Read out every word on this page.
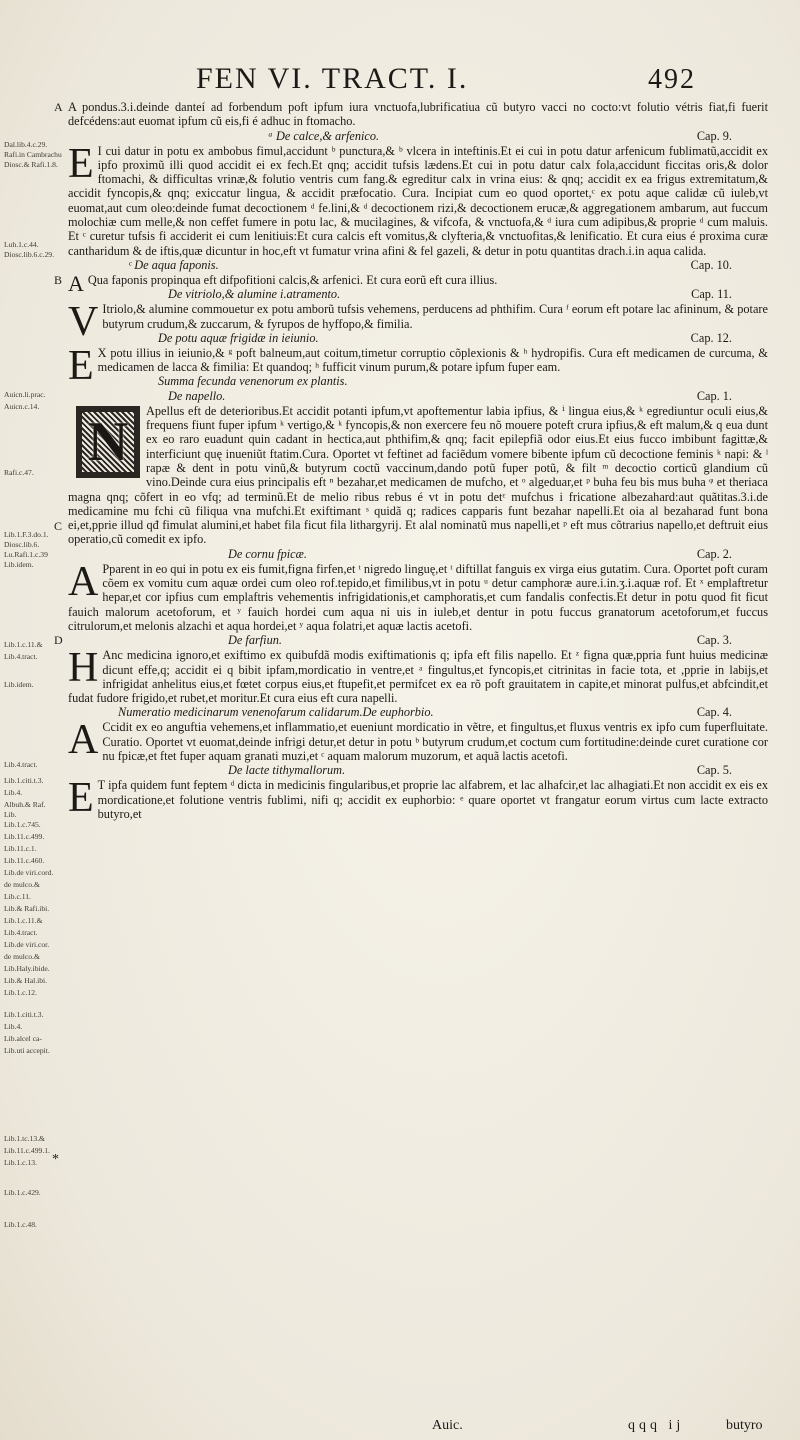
FEN VI. TRACT. I.	492
Dal.lib.4.c.29.
Rafi.in Cambrachu
Diosc.& Rafi.1.8.
Luh.1.c.44.
Diosc.lib.6.c.29.
Auicn.li.prac.
Auicn.c.14.
Rafi.c.47.
Lib.1.F.3.do.1.
Diosc.lib.6.
Lu.Rafi.1.c.39
Lib.idem.
Lib.1.c.11.&
Lib.4.tract.
Lib.idem.
Lib.4.tract.
Lib.1.citi.t.3.
Lib.4.
Albuh.& Raf.
Lib.
Lib.1.c.745.
Lib.11.c.499.
Lib.11.c.1.
Lib.11.c.460.
Lib.de viri.cord.
de mulco.&
Lib.c.11.
Lib.& Rafi.ibi.
Lib.1.c.11.&
Lib.4.tract.
Lib.de viri.cor.
de mulco.&
Lib.Haly.ibide.
Lib.& Hal.ibi.
Lib.1.c.12.
Lib.1.citi.t.3.
Lib.4.
Lib.alcel ca-
Lib.uti accepit.
Lib.1.tc.13.&
Lib.11.c.499.1.
Lib.1.c.13.
Lib.1.c.429.
Lib.1.c.48.
*

A A pondus.3.i.deinde danteí ad forbendum poft ipfum iura vnctuofa,lubrificatiua cũ butyro vacci no cocto:vt folutio vétris fiat,fi fuerit defcédens:aut euomat ipfum cũ eis,fi é adhuc in ftomacho.

ᵃ De calce,& arfenico.	Cap. 9.

E I cui datur in potu ex ambobus fimul,accidunt ᵇ punctura,& ᵇ vlcera in inteftinis.Et ei cui in potu datur arfenicum fublimatũ,accidit ex ipfo proximũ illi quod accidit ei ex fech.Et qnq; accidit tufsis lædens.Et cui in potu datur calx fola,accidunt ficcitas oris,& dolor ftomachi, & difficultas vrinæ,& folutio ventris cum fang.& egreditur calx in vrina eius: & qnq; accidit ex ea frigus extremitatum,& accidit fyncopis,& qnq; exiccatur lingua, & accidit præfocatio. Cura. Incipiat cum eo quod oportet,ᶜ ex potu aque calidæ cũ iuleb,vt euomat,aut cum oleo:deinde fumat decoctionem ᵈ fe.lini,& ᵈ decoctionem rizi,& decoctionem erucæ,& aggregationem ambarum, aut fuccum molochiæ cum melle,& non ceffet fumere in potu lac, & mucilagines, & vifcofa, & vnctuofa,& ᵈ iura cum adipibus,& proprie ᵈ cum maluis. Et ᶜ curetur tufsis fi acciderit ei cum lenitiuis:Et cura calcis eft vomitus,& clyfteria,& vnctuofitas,& lenificatio. Et cura eius é proxima curæ cantharidum & de iftis,quæ dicuntur in hoc,eft vt fumatur vrina afini & fel gazeli, & detur in potu quantitas drach.i.in aqua calida.

ᶜ De aqua faponis.	Cap. 10.

B A Qua faponis propinqua eft difpofitioni calcis,& arfenici. Et cura eorũ eft cura illius.

De vitriolo,& alumine i.atramento.	Cap. 11.

V Itriolo,& alumine commouetur ex potu amborũ tufsis vehemens, perducens ad phthifim. Cura ᶠ eorum eft potare lac afininum, & potare butyrum crudum,& zuccarum, & fyrupos de hyffopo,& fimilia.

De potu aquæ frigidæ in ieiunio.	Cap. 12.

E X potu illius in ieiunio,& ᵍ poft balneum,aut coitum,timetur corruptio cõplexionis & ʰ hydropifis. Cura eft medicamen de curcuma, & medicamen de lacca & fimilia: Et quandoq; ʰ fufficit vinum purum,& potare ipfum fuper eam.

Summa fecunda venenorum ex plantis.

De napello.	Cap. 1.

C
N	Apellus eft de deterioribus.Et accidit potanti ipfum,vt apoftementur labia ipfius, & ⁱ lingua eius,& ᵏ egrediuntur oculi eius,& frequens fiunt fuper ipfum ᵏ vertigo,& ᵏ fyncopis,& non exercere feu nõ mouere poteft crura ipfius,& eft malum,& q eua dunt ex eo raro euadunt quin cadant in hectica,aut phthifim,& qnq; facit epilepfiã odor eius.Et eius fucco imbibunt fagittæ,& interficiunt quę inueniũt ftatim.Cura. Oportet vt feftinet ad faciẽdum vomere bibente ipfum cũ decoctione feminis ᵏ napi: & ˡ rapæ & dent in potu vinũ,& butyrum coctũ vaccinum,dando potũ fuper potũ, & filt ᵐ decoctio corticũ glandium cũ vino.Deinde cura eius principalis eft ⁿ bezahar,et medicamen de mufcho, et ᵒ algeduar,et ᵖ buha feu bis mus buha ᵠ et theriaca magna qnq; cõfert in eo vfq; ad terminũ.Et de melio ribus rebus é vt in potu detᵋ mufchus i fricatione albezahard:aut quãtitas.3.i.de medicamine mu fchi cũ filiqua vna mufchi.Et exiftimant ˢ quidã q; radices capparis funt bezahar napelli.Et oia al bezaharad funt bona ei,et,pprie illud qđ fimulat alumini,et habet fila ficut fila lithargyrij. Et alal nominatũ mus napelli,et ᵖ eft mus cõtrarius napello,et deftruit eius operatio,cũ comedit ex ipfo.

De cornu fpicæ.	Cap. 2.

A Pparent in eo qui in potu ex eis fumit,figna firfen,et ᵗ nigredo linguę,et ᵗ diftillat fanguis ex virga eius gutatim. Cura. Oportet poft curam cõem ex vomitu cum aquæ ordei cum oleo rof.tepido,et fimilibus,vt in potu ᵘ detur camphoræ aure.i.in.ʒ.i.aquæ rof. Et ˣ emplaftretur hepar,et cor ipfius cum emplaftris vehementis infrigidationis,et camphoratis,et cum fandalis confectis.Et detur in potu quod fit ficut fauich malorum acetoforum, et ʸ fauich hordei cum aqua ni uis in iuleb,et dentur in potu fuccus granatorum acetoforum,et fuccus citrulorum,et melonis alzachi et aqua hordei,et ʸ aqua folatri,et aquæ lactis acetofi.

D	De farfiun.	Cap. 3.

H Anc medicina ignoro,et exiftimo ex quibufdã modis exiftimationis q; ipfa eft filis napello. Et ᶻ figna quæ,ppria funt huius medicinæ dicunt effe,q; accidit ei q bibit ipfam,mordicatio in ventre,et ᵃ fingultus,et fyncopis,et citrinitas in facie tota, et ,pprie in labijs,et infrigidat anhelitus eius,et fœtet corpus eius,et ftupefit,et permifcet ex ea rõ poft grauitatem in capite,et minorat pulfus,et abfcindit,et fudat fudore frigido,et rubet,et moritur.Et cura eius eft cura napelli.

Numeratio medicinarum venenofarum calidarum.De euphorbio.	Cap. 4.

A Ccidit ex eo anguftia vehemens,et inflammatio,et eueniunt mordicatio in vẽtre, et fingultus,et fluxus ventris ex ipfo cum fuperfluitate. Curatio. Oportet vt euomat,deinde infrigi detur,et detur in potu ᵇ butyrum crudum,et coctum cum fortitudine:deinde curet curatione cor nu fpicæ,et ftet fuper aquam granati muzi,et ᶜ aquam malorum muzorum, et aquã lactis acetofi.

De lacte tithymallorum.	Cap. 5.

E T ipfa quidem funt feptem ᵈ dicta in medicinis fingularibus,et proprie lac alfabrem, et lac alhafcir,et lac alhagiati.Et non accidit ex eis ex mordicatione,et folutione ventris fublimi, nifi q; accidit ex euphorbio: ᵉ quare oportet vt frangatur eorum virtus cum lacte extracto butyro,et

Auic.	qqq ij	butyro
